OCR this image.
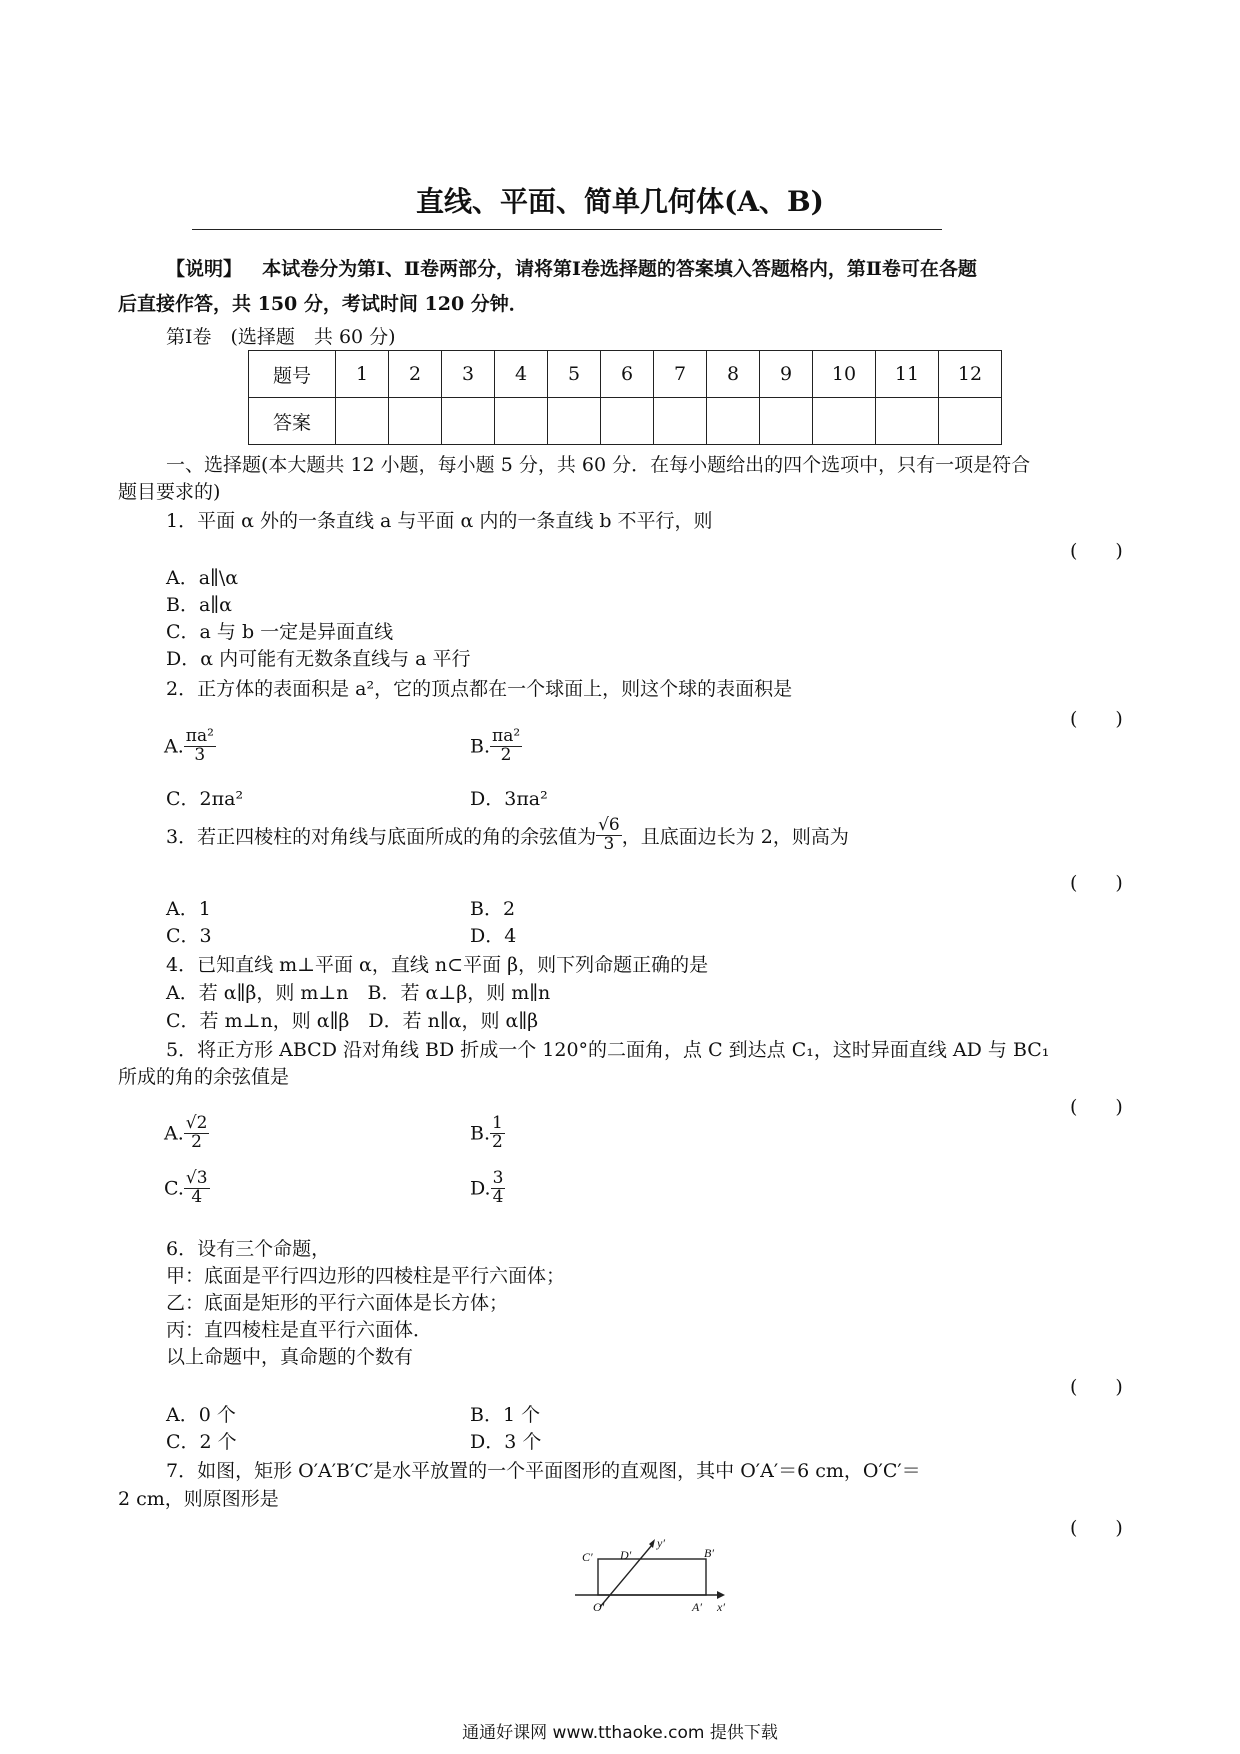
直线、平面、简单几何体(A、B)
【说明】 本试卷分为第Ⅰ、Ⅱ卷两部分，请将第Ⅰ卷选择题的答案填入答题格内，第Ⅱ卷可在各题
后直接作答，共 150 分，考试时间 120 分钟．
第Ⅰ卷　(选择题　共 60 分)
题号	1	2	3	4	5	6	7	8	9	10	11	12
答案												
一、选择题(本大题共 12 小题，每小题 5 分，共 60 分．在每小题给出的四个选项中，只有一项是符合
题目要求的)
1．平面 α 外的一条直线 a 与平面 α 内的一条直线 b 不平行，则
(　　)
A．a∥\α
B．a∥α
C．a 与 b 一定是异面直线
D．α 内可能有无数条直线与 a 平行
2．正方体的表面积是 a²，它的顶点都在一个球面上，则这个球的表面积是
(　　)
A. $\frac{\text{πa²}}{3}$	B. $\frac{\text{πa²}}{2}$
C．2πa²	D．3πa²
3．若正四棱柱的对角线与底面所成的角的余弦值为 $\frac{√6}{3}$ ，且底面边长为 2，则高为
(　　)
A．1	B．2
C．3	D．4
4．已知直线 m⊥平面 α，直线 n⊂平面 β，则下列命题正确的是
A．若 α∥β，则 m⊥n　B．若 α⊥β，则 m∥n
C．若 m⊥n，则 α∥β　D．若 n∥α，则 α∥β
5．将正方形 ABCD 沿对角线 BD 折成一个 120°的二面角，点 C 到达点 C₁，这时异面直线 AD 与 BC₁
所成的角的余弦值是
(　　)
A. $\frac{√2}{2}$	B. $\frac{1}{2}$
C. $\frac{√3}{4}$	D. $\frac{3}{4}$
6．设有三个命题，
甲：底面是平行四边形的四棱柱是平行六面体；
乙：底面是矩形的平行六面体是长方体；
丙：直四棱柱是直平行六面体．
以上命题中，真命题的个数有
(　　)
A．0 个	B．1 个
C．2 个	D．3 个
7．如图，矩形 O′A′B′C′是水平放置的一个平面图形的直观图，其中 O′A′＝6 cm，O′C′＝
2 cm，则原图形是
(　　)
C′ D′
y′
B′
O′	A′ x′
通通好课网 www.tthaoke.com 提供下载
